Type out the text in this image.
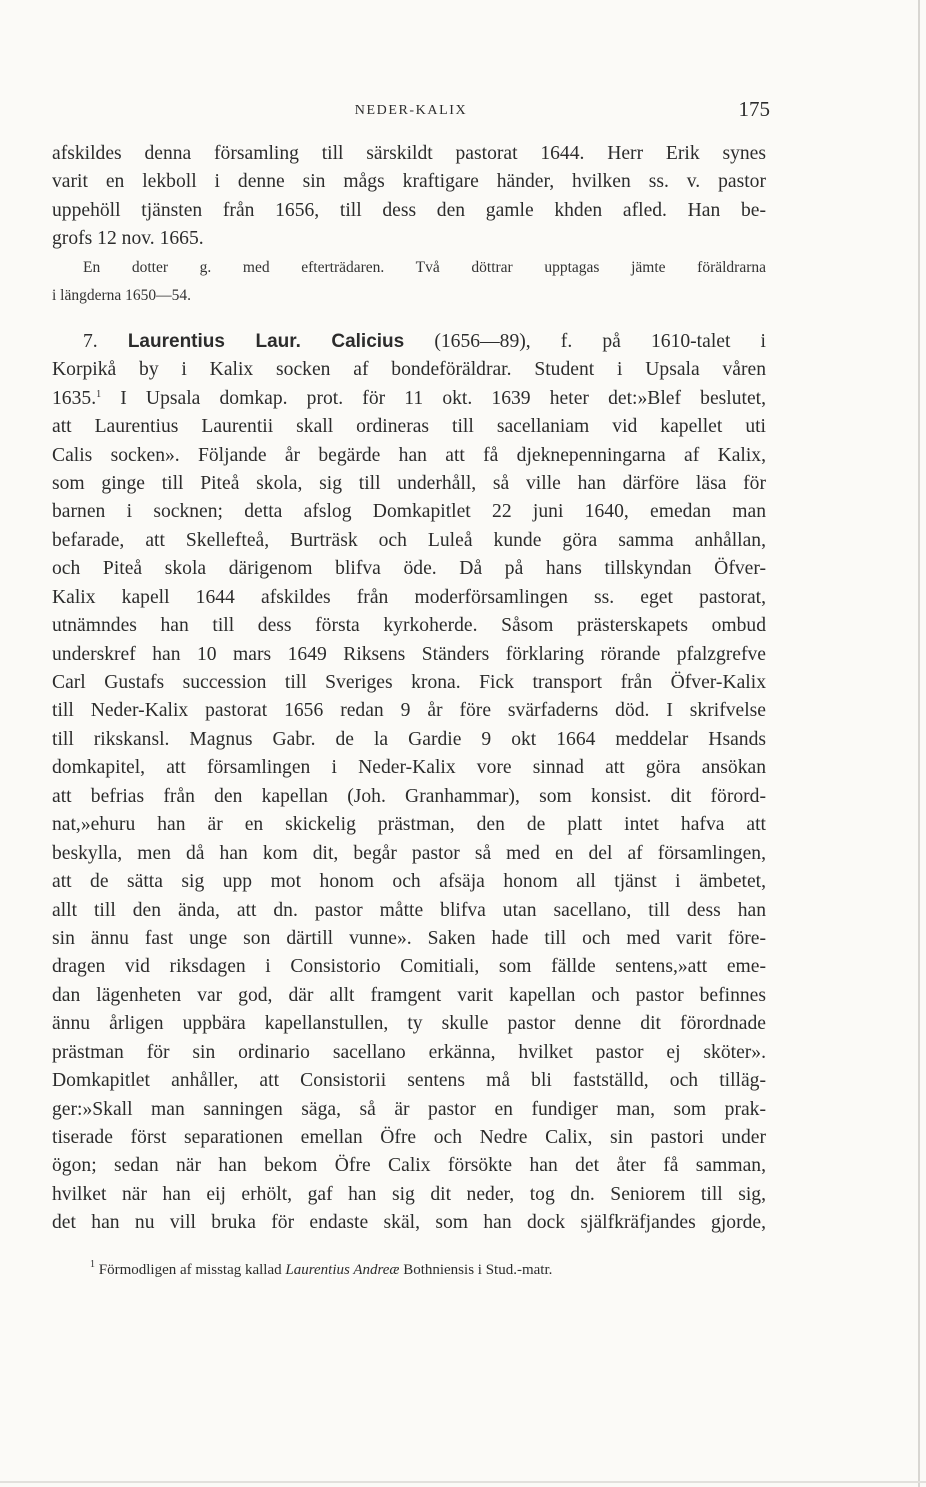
NEDER-KALIX	175
afskildes denna församling till särskildt pastorat 1644. Herr Erik synes
varit en lekboll i denne sin mågs kraftigare händer, hvilken ss. v. pastor
uppehöll tjänsten från 1656, till dess den gamle khden afled. Han be-
grofs 12 nov. 1665.
En dotter g. med efterträdaren. Två döttrar upptagas jämte föräldrarna
i längderna 1650—54.
7. Laurentius Laur. Calicius (1656—89), f. på 1610-talet i
Korpikå by i Kalix socken af bondeföräldrar. Student i Upsala våren
1635.$^1$ I Upsala domkap. prot. för 11 okt. 1639 heter det:»Blef beslutet,
att Laurentius Laurentii skall ordineras till sacellaniam vid kapellet uti
Calis socken». Följande år begärde han att få djeknepenningarna af Kalix,
som ginge till Piteå skola, sig till underhåll, så ville han därföre läsa för
barnen i socknen; detta afslog Domkapitlet 22 juni 1640, emedan man
befarade, att Skellefteå, Burträsk och Luleå kunde göra samma anhållan,
och Piteå skola därigenom blifva öde. Då på hans tillskyndan Öfver-
Kalix kapell 1644 afskildes från moderförsamlingen ss. eget pastorat,
utnämndes han till dess första kyrkoherde. Såsom prästerskapets ombud
underskref han 10 mars 1649 Riksens Ständers förklaring rörande pfalzgrefve
Carl Gustafs succession till Sveriges krona. Fick transport från Öfver-Kalix
till Neder-Kalix pastorat 1656 redan 9 år före svärfaderns död. I skrifvelse
till rikskansl. Magnus Gabr. de la Gardie 9 okt 1664 meddelar Hsands
domkapitel, att församlingen i Neder-Kalix vore sinnad att göra ansökan
att befrias från den kapellan (Joh. Granhammar), som konsist. dit förord-
nat,»ehuru han är en skickelig prästman, den de platt intet hafva att
beskylla, men då han kom dit, begår pastor så med en del af församlingen,
att de sätta sig upp mot honom och afsäja honom all tjänst i ämbetet,
allt till den ända, att dn. pastor måtte blifva utan sacellano, till dess han
sin ännu fast unge son därtill vunne». Saken hade till och med varit före-
dragen vid riksdagen i Consistorio Comitiali, som fällde sentens,»att eme-
dan lägenheten var god, där allt framgent varit kapellan och pastor befinnes
ännu årligen uppbära kapellanstullen, ty skulle pastor denne dit förordnade
prästman för sin ordinario sacellano erkänna, hvilket pastor ej sköter».
Domkapitlet anhåller, att Consistorii sentens må bli fastställd, och tilläg-
ger:»Skall man sanningen säga, så är pastor en fundiger man, som prak-
tiserade först separationen emellan Öfre och Nedre Calix, sin pastori under
ögon; sedan när han bekom Öfre Calix försökte han det åter få samman,
hvilket när han eij erhölt, gaf han sig dit neder, tog dn. Seniorem till sig,
det han nu vill bruka för endaste skäl, som han dock själfkräfjandes gjorde,
$^1$ Förmodligen af misstag kallad Laurentius Andreæ Bothniensis i Stud.-matr.
